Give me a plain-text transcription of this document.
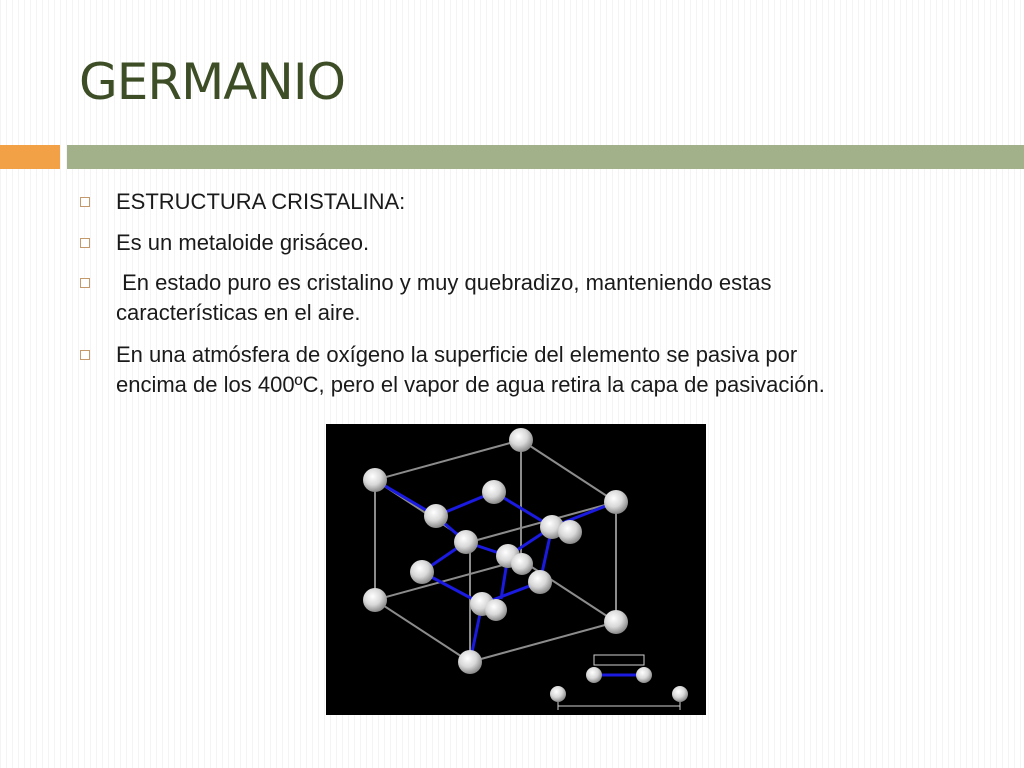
GERMANIO
ESTRUCTURA CRISTALINA:
Es un metaloide grisáceo.
En estado puro es cristalino y muy quebradizo, manteniendo estas
características en el aire.
En una atmósfera de oxígeno la superficie del elemento se pasiva por
encima de los 400ºC, pero el vapor de agua retira la capa de pasivación.
